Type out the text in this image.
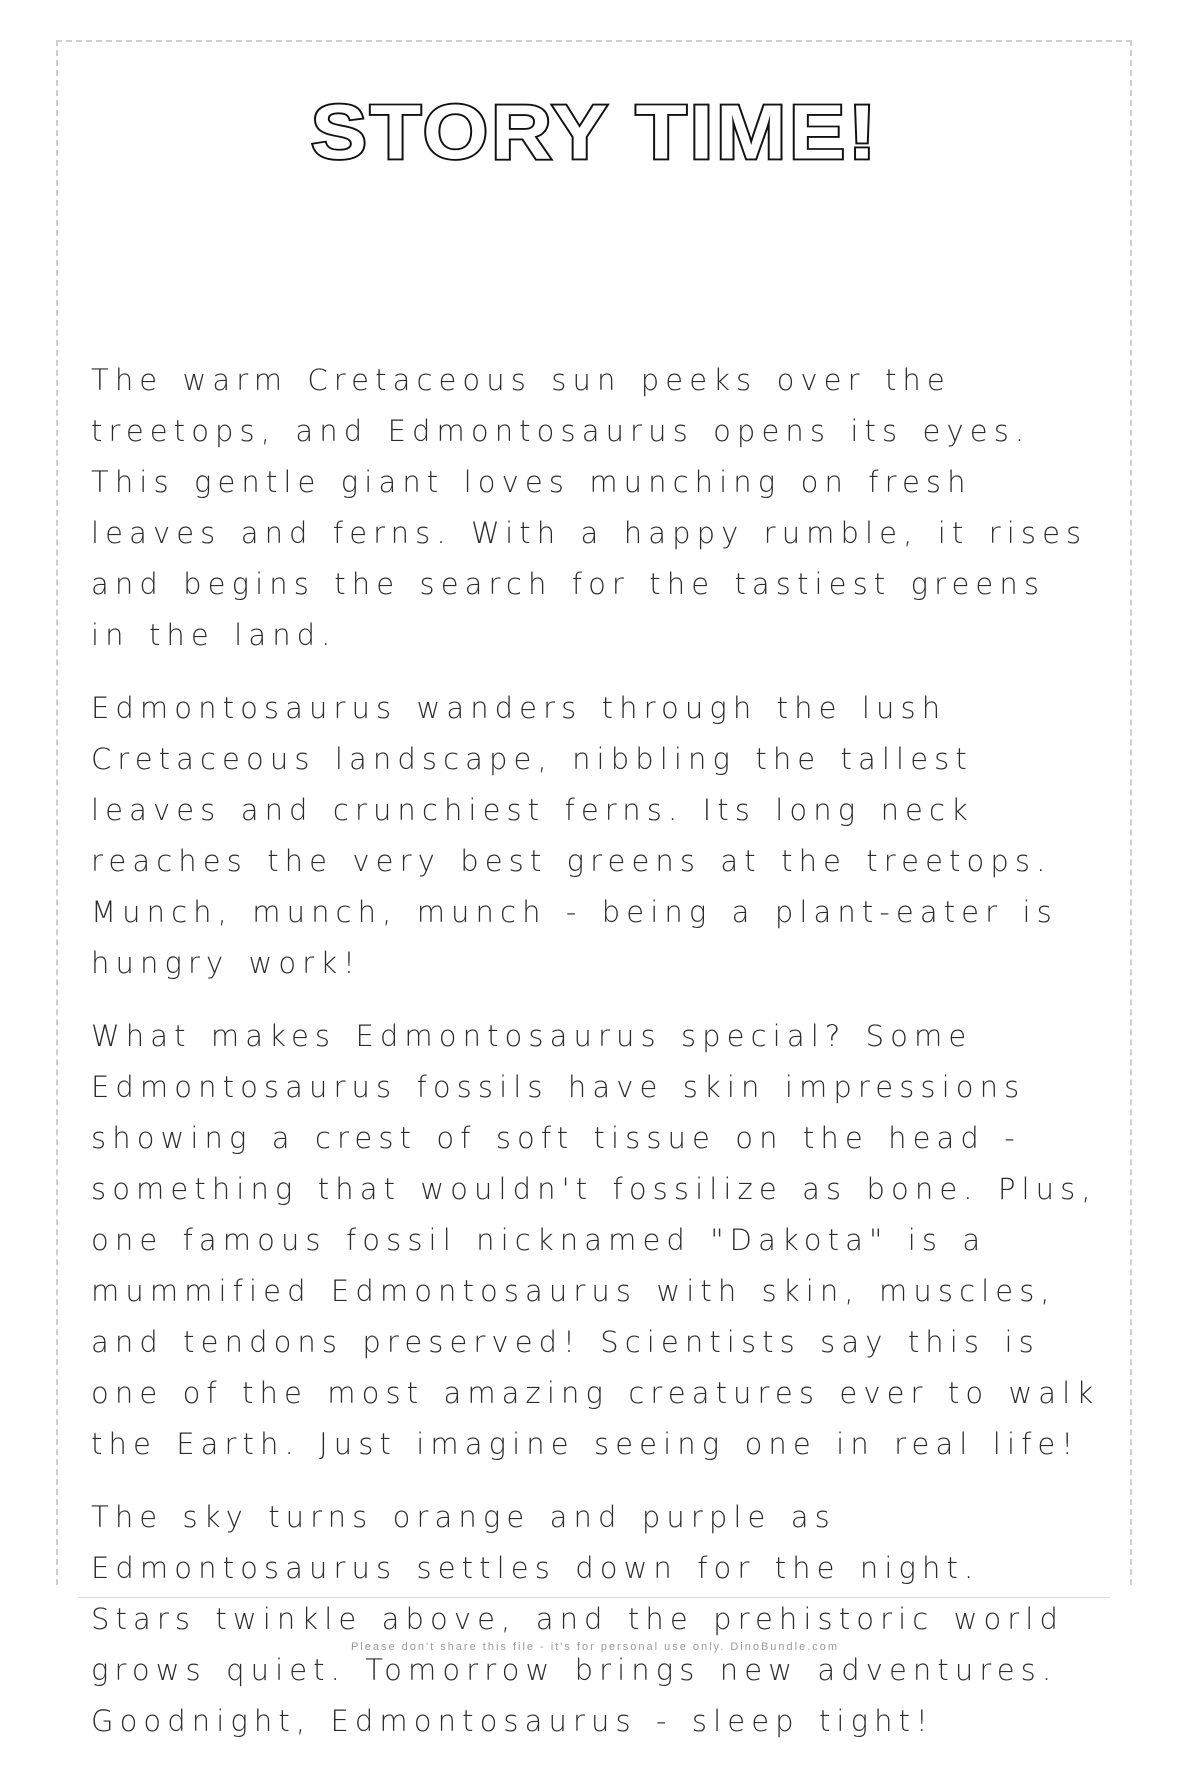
STORY TIME!

The warm Cretaceous sun peeks over the treetops, and Edmontosaurus opens its eyes. This gentle giant loves munching on fresh leaves and ferns. With a happy rumble, it rises and begins the search for the tastiest greens in the land.

Edmontosaurus wanders through the lush Cretaceous landscape, nibbling the tallest leaves and crunchiest ferns. Its long neck reaches the very best greens at the treetops. Munch, munch, munch - being a plant-eater is hungry work!

What makes Edmontosaurus special? Some Edmontosaurus fossils have skin impressions showing a crest of soft tissue on the head - something that wouldn't fossilize as bone. Plus, one famous fossil nicknamed "Dakota" is a mummified Edmontosaurus with skin, muscles, and tendons preserved! Scientists say this is one of the most amazing creatures ever to walk the Earth. Just imagine seeing one in real life!

The sky turns orange and purple as Edmontosaurus settles down for the night. Stars twinkle above, and the prehistoric world grows quiet. Tomorrow brings new adventures. Goodnight, Edmontosaurus - sleep tight!

Please don't share this file - it's for personal use only. DinoBundle.com
